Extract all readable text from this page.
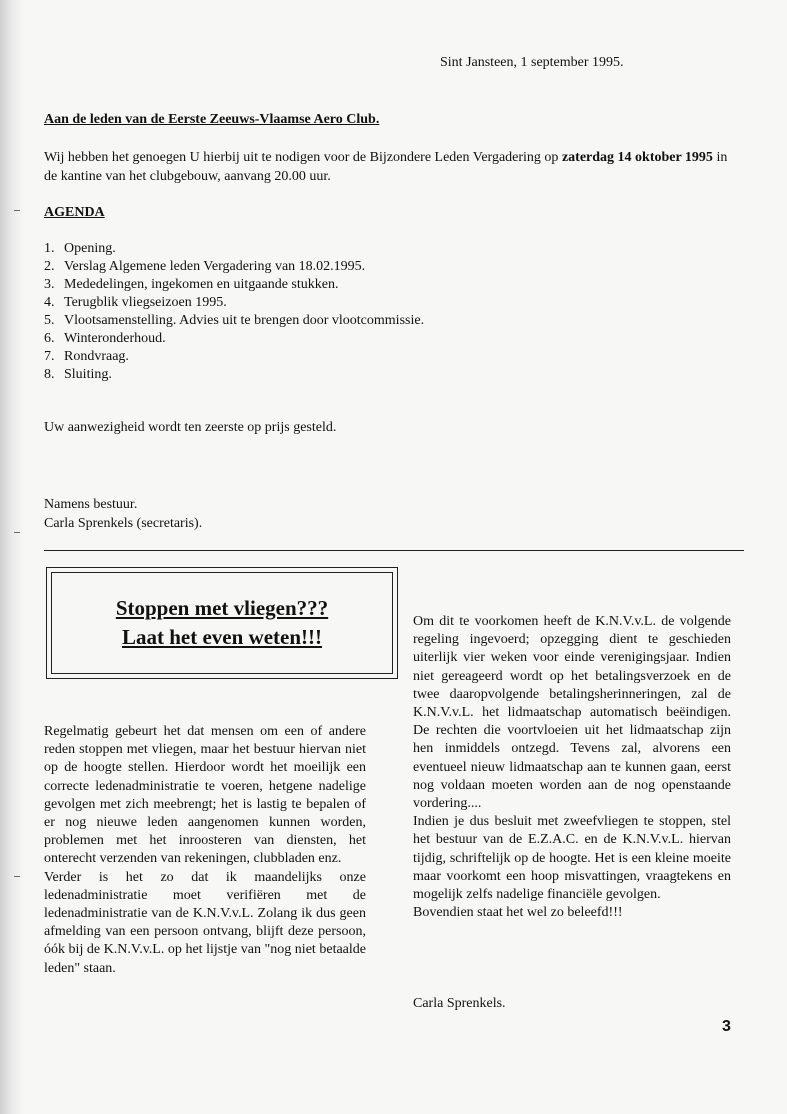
Sint Jansteen, 1 september 1995.
Aan de leden van de Eerste Zeeuws-Vlaamse Aero Club.
Wij hebben het genoegen U hierbij uit te nodigen voor de Bijzondere Leden Vergadering op zaterdag 14 oktober 1995 in de kantine van het clubgebouw, aanvang 20.00 uur.
AGENDA
1. Opening.
2. Verslag Algemene leden Vergadering van 18.02.1995.
3. Mededelingen, ingekomen en uitgaande stukken.
4. Terugblik vliegseizoen 1995.
5. Vlootsamenstelling. Advies uit te brengen door vlootcommissie.
6. Winteronderhoud.
7. Rondvraag.
8. Sluiting.
Uw aanwezigheid wordt ten zeerste op prijs gesteld.
Namens bestuur.
Carla Sprenkels (secretaris).
Stoppen met vliegen???
Laat het even weten!!!

Regelmatig gebeurt het dat mensen om een of andere reden stoppen met vliegen, maar het bestuur hiervan niet op de hoogte stellen. Hierdoor wordt het moeilijk een correcte ledenadministratie te voeren, hetgene nadelige gevolgen met zich meebrengt; het is lastig te bepalen of er nog nieuwe leden aangenomen kunnen worden, problemen met het inroosteren van diensten, het onterecht verzenden van rekeningen, clubbladen enz.

Verder is het zo dat ik maandelijks onze ledenadministratie moet verifiëren met de ledenadministratie van de K.N.V.v.L. Zolang ik dus geen afmelding van een persoon ontvang, blijft deze persoon, óók bij de K.N.V.v.L. op het lijstje van "nog niet betaalde leden" staan.

Om dit te voorkomen heeft de K.N.V.v.L. de volgende regeling ingevoerd; opzegging dient te geschieden uiterlijk vier weken voor einde verenigingsjaar. Indien niet gereageerd wordt op het betalingsverzoek en de twee daaropvolgende betalingsherinneringen, zal de K.N.V.v.L. het lidmaatschap automatisch beëindigen. De rechten die voortvloeien uit het lidmaatschap zijn hen inmiddels ontzegd. Tevens zal, alvorens een eventueel nieuw lidmaatschap aan te kunnen gaan, eerst nog voldaan moeten worden aan de nog openstaande vordering....

Indien je dus besluit met zweefvliegen te stoppen, stel het bestuur van de E.Z.A.C. en de K.N.V.v.L. hiervan tijdig, schriftelijk op de hoogte. Het is een kleine moeite maar voorkomt een hoop misvattingen, vraagtekens en mogelijk zelfs nadelige financiële gevolgen.

Bovendien staat het wel zo beleefd!!!

Carla Sprenkels.
3
